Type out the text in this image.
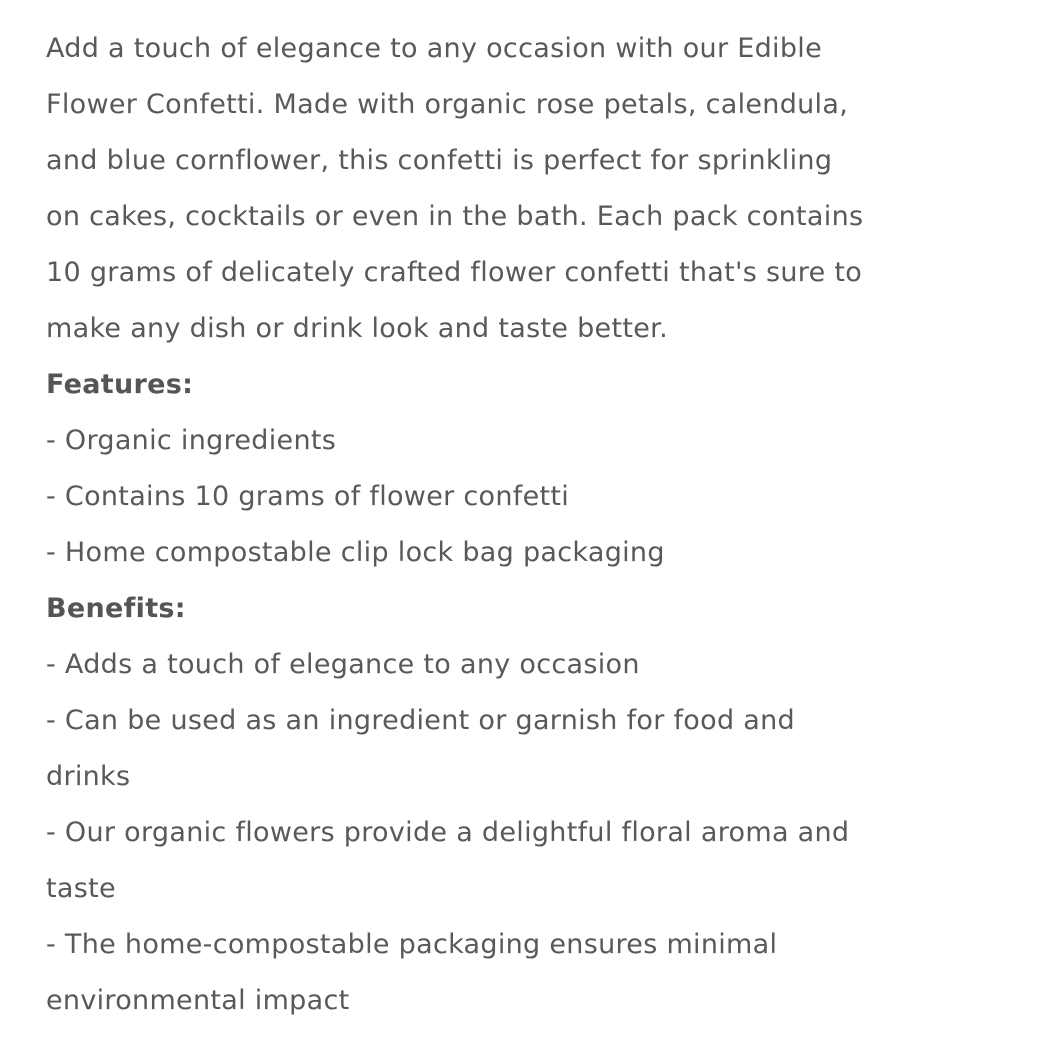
Add a touch of elegance to any occasion with our Edible

Flower Confetti. Made with organic rose petals, calendula,

and blue cornflower, this confetti is perfect for sprinkling

on cakes, cocktails or even in the bath. Each pack contains

10 grams of delicately crafted flower confetti that's sure to

make any dish or drink look and taste better.

Features:

- Organic ingredients

- Contains 10 grams of flower confetti

- Home compostable clip lock bag packaging

Benefits:

- Adds a touch of elegance to any occasion

- Can be used as an ingredient or garnish for food and

drinks

- Our organic flowers provide a delightful floral aroma and

taste

- The home-compostable packaging ensures minimal

environmental impact
